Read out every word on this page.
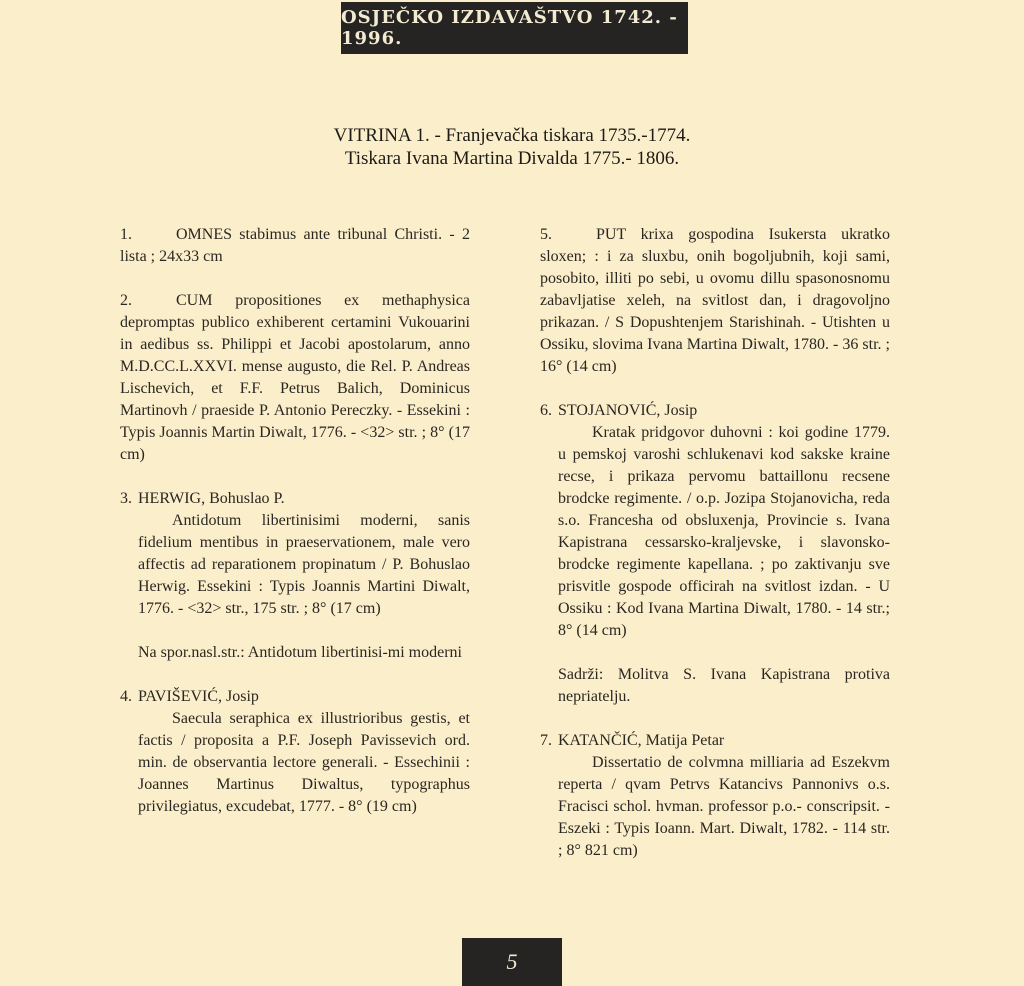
OSJEČKO IZDAVAŠTVO 1742. - 1996.
VITRINA 1. - Franjevačka tiskara 1735.-1774.
Tiskara Ivana Martina Divalda 1775.- 1806.

1.	OMNES stabimus ante tribunal Christi. - 2 lista ; 24x33 cm

2.	CUM propositiones ex methaphysica depromptas publico exhiberent certamini Vukouarini in aedibus ss. Philippi et Jacobi apostolarum, anno M.D.CC.L.XXVI. mense augusto, die Rel. P. Andreas Lischevich, et F.F. Petrus Balich, Dominicus Martinovh / praeside P. Antonio Pereczky. - Essekini : Typis Joannis Martin Diwalt, 1776. - <32> str. ; 8° (17 cm)

3. HERWIG, Bohuslao P.

Antidotum libertinisimi moderni, sanis fidelium mentibus in praeservationem, male vero affectis ad reparationem propinatum / P. Bohuslao Herwig. Essekini : Typis Joannis Martini Diwalt, 1776. - <32> str., 175 str. ; 8° (17 cm)

Na spor.nasl.str.: Antidotum libertinisi-mi moderni

4. PAVIŠEVIĆ, Josip

Saecula seraphica ex illustrioribus gestis, et factis / proposita a P.F. Joseph Pavissevich ord. min. de observantia lectore generali. - Essechinii : Joannes Martinus Diwaltus, typographus privilegiatus, excudebat, 1777. - 8° (19 cm)

5.	PUT krixa gospodina Isukersta ukratko sloxen; : i za sluxbu, onih bogoljubnih, koji sami, posobito, illiti po sebi, u ovomu dillu spasonosnomu zabavljatise xeleh, na svitlost dan, i dragovoljno prikazan. / S Dopushtenjem Starishinah. - Utishten u Ossiku, slovima Ivana Martina Diwalt, 1780. - 36 str. ; 16° (14 cm)

6. STOJANOVIĆ, Josip

Kratak pridgovor duhovni : koi godine 1779. u pemskoj varoshi schlukenavi kod sakske kraine recse, i prikaza pervomu battaillonu recsene brodcke regimente. / o.p. Jozipa Stojanovicha, reda s.o. Francesha od obsluxenja, Provincie s. Ivana Kapistrana cessarsko-kraljevske, i slavonsko-brodcke regimente kapellana. ; po zaktivanju sve prisvitle gospode officirah na svitlost izdan. - U Ossiku : Kod Ivana Martina Diwalt, 1780. - 14 str.; 8° (14 cm)

Sadrži: Molitva S. Ivana Kapistrana protiva nepriatelju.

7. KATANČIĆ, Matija Petar

Dissertatio de colvmna milliaria ad Eszekvm reperta / qvam Petrvs Katancivs Pannonivs o.s. Fracisci schol. hvman. professor p.o.- conscripsit. - Eszeki : Typis Ioann. Mart. Diwalt, 1782. - 114 str. ; 8° 821 cm)

5
